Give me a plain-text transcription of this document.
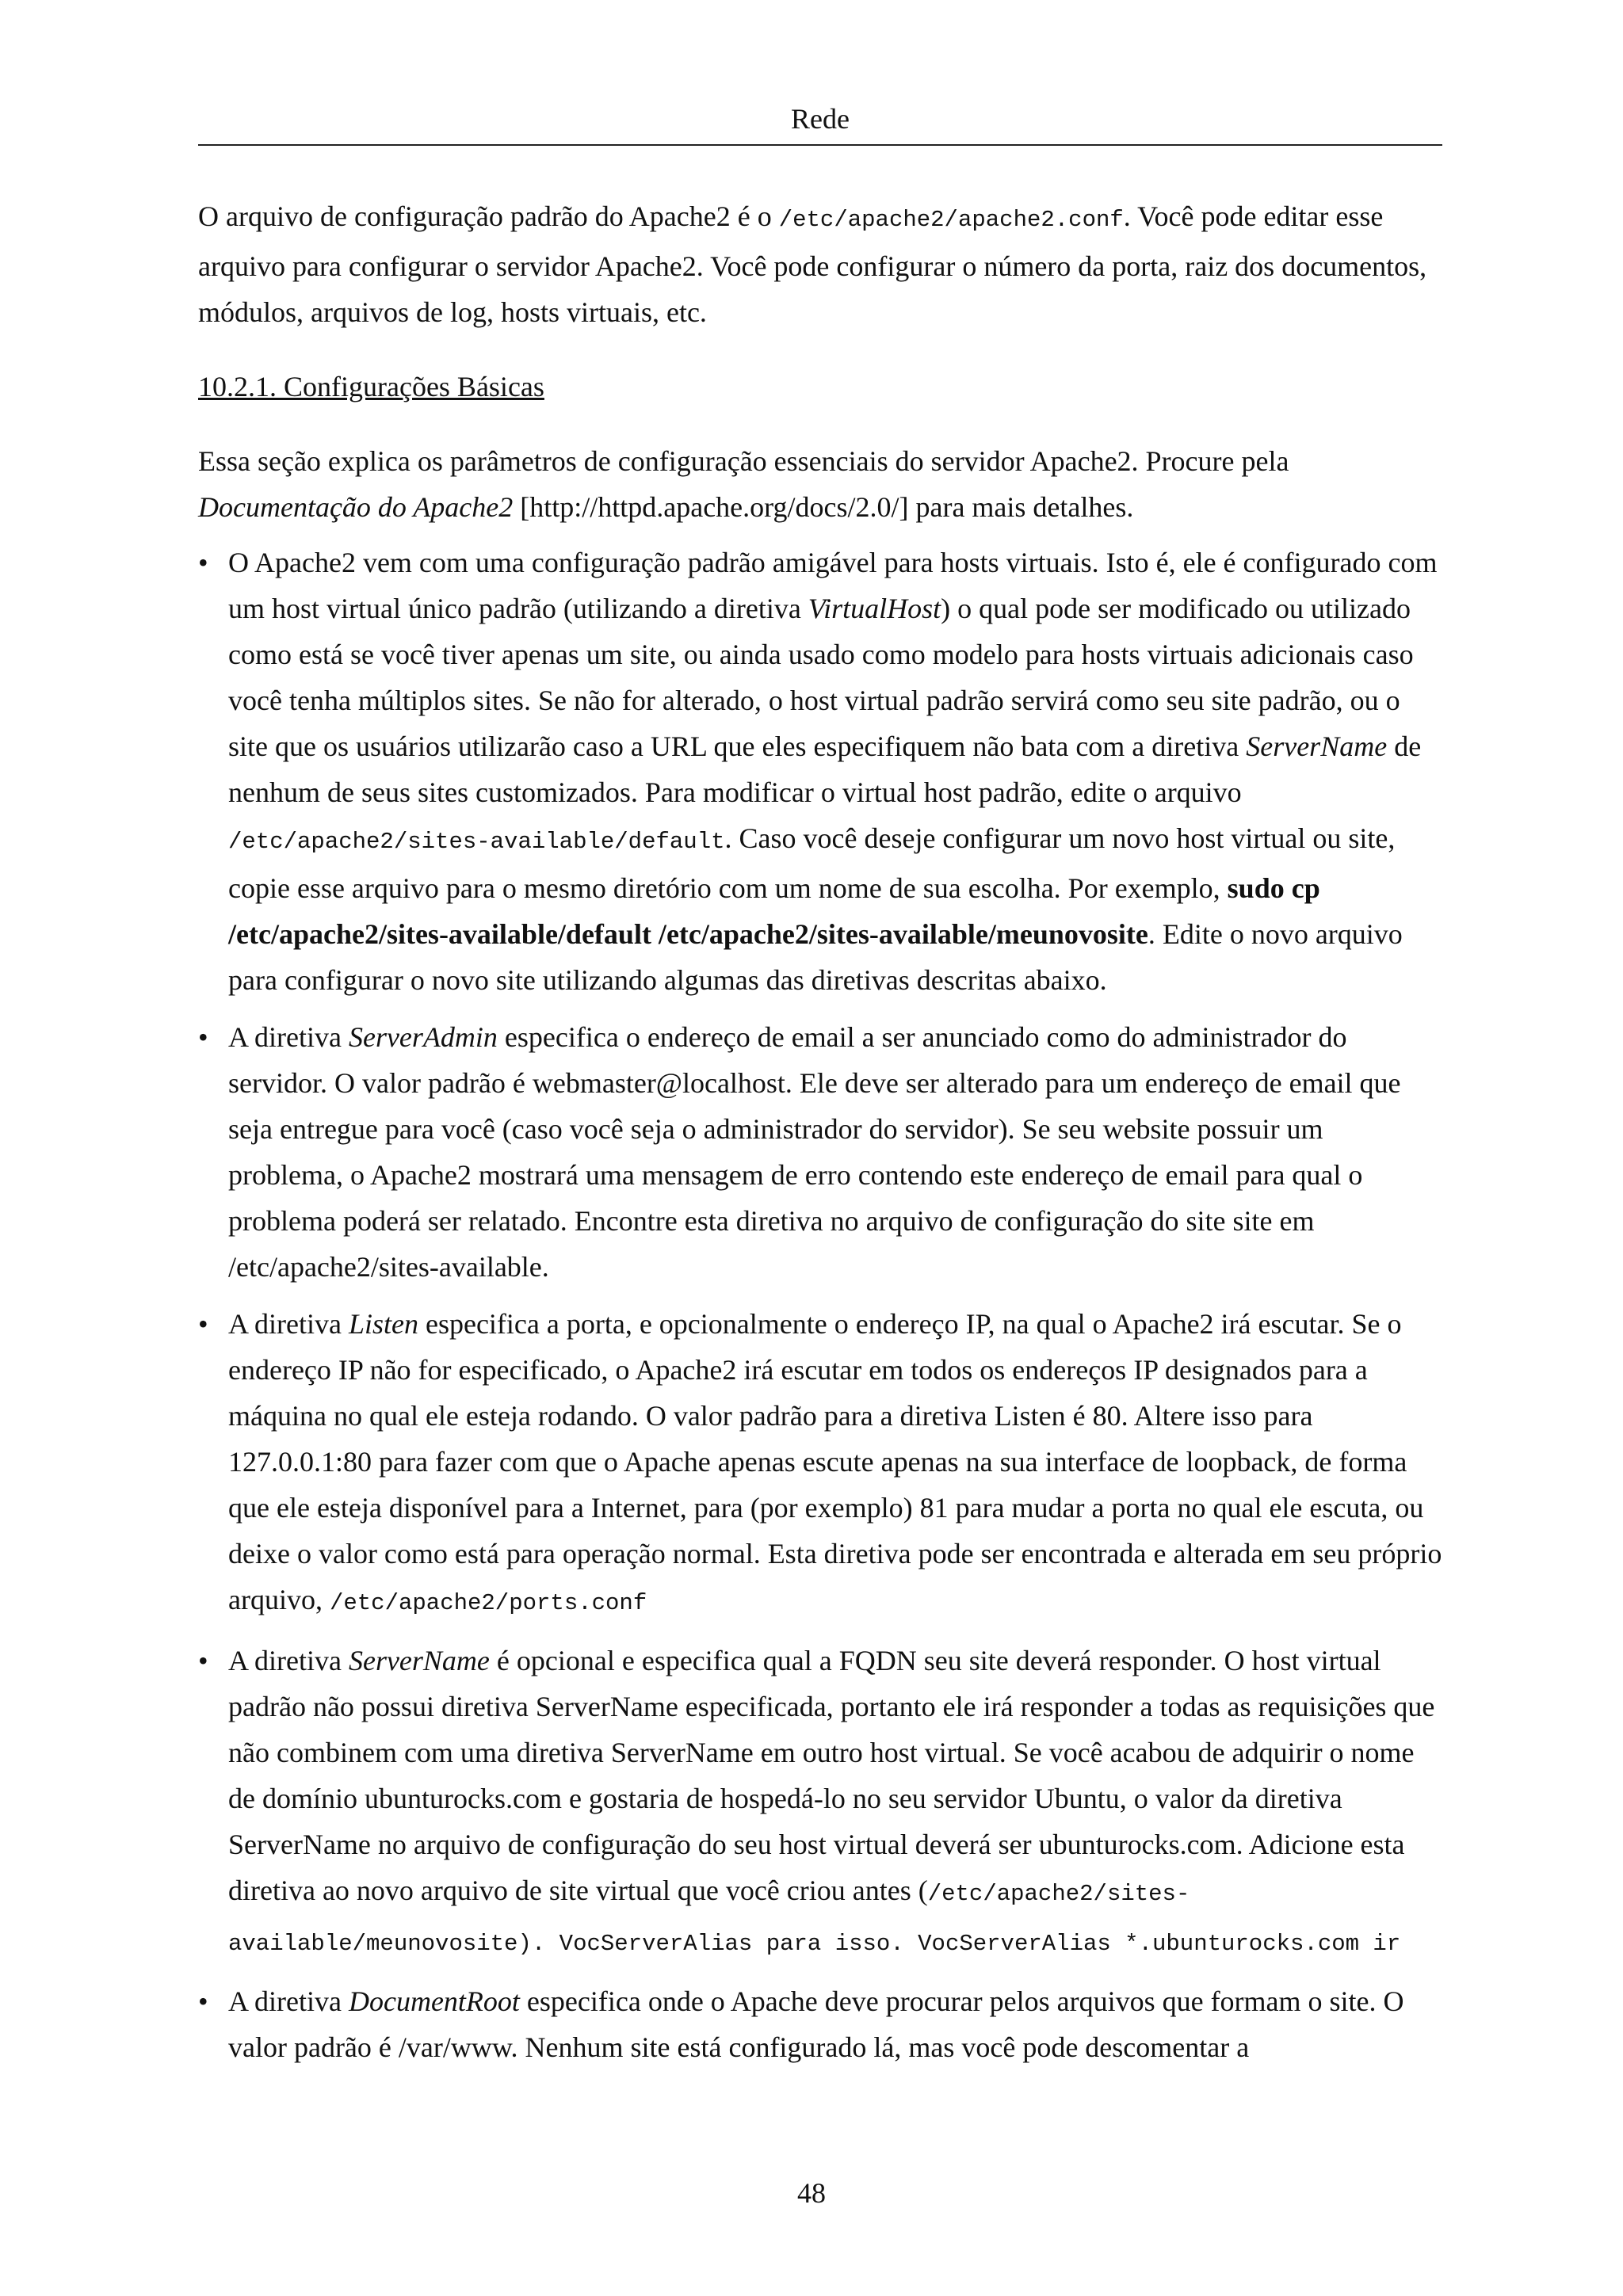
Rede

O arquivo de configuração padrão do Apache2 é o /etc/apache2/apache2.conf. Você pode editar esse arquivo para configurar o servidor Apache2. Você pode configurar o número da porta, raiz dos documentos, módulos, arquivos de log, hosts virtuais, etc.

10.2.1. Configurações Básicas

Essa seção explica os parâmetros de configuração essenciais do servidor Apache2. Procure pela Documentação do Apache2 [http://httpd.apache.org/docs/2.0/] para mais detalhes.

• O Apache2 vem com uma configuração padrão amigável para hosts virtuais. Isto é, ele é configurado com um host virtual único padrão (utilizando a diretiva VirtualHost) o qual pode ser modificado ou utilizado como está se você tiver apenas um site, ou ainda usado como modelo para hosts virtuais adicionais caso você tenha múltiplos sites. Se não for alterado, o host virtual padrão servirá como seu site padrão, ou o site que os usuários utilizarão caso a URL que eles especifiquem não bata com a diretiva ServerName de nenhum de seus sites customizados. Para modificar o virtual host padrão, edite o arquivo /etc/apache2/sites-available/default. Caso você deseje configurar um novo host virtual ou site, copie esse arquivo para o mesmo diretório com um nome de sua escolha. Por exemplo, sudo cp /etc/apache2/sites-available/default /etc/apache2/sites-available/meunovosite. Edite o novo arquivo para configurar o novo site utilizando algumas das diretivas descritas abaixo.
• A diretiva ServerAdmin especifica o endereço de email a ser anunciado como do administrador do servidor. O valor padrão é webmaster@localhost. Ele deve ser alterado para um endereço de email que seja entregue para você (caso você seja o administrador do servidor). Se seu website possuir um problema, o Apache2 mostrará uma mensagem de erro contendo este endereço de email para qual o problema poderá ser relatado. Encontre esta diretiva no arquivo de configuração do site site em /etc/apache2/sites-available.
• A diretiva Listen especifica a porta, e opcionalmente o endereço IP, na qual o Apache2 irá escutar. Se o endereço IP não for especificado, o Apache2 irá escutar em todos os endereços IP designados para a máquina no qual ele esteja rodando. O valor padrão para a diretiva Listen é 80. Altere isso para 127.0.0.1:80 para fazer com que o Apache apenas escute apenas na sua interface de loopback, de forma que ele esteja disponível para a Internet, para (por exemplo) 81 para mudar a porta no qual ele escuta, ou deixe o valor como está para operação normal. Esta diretiva pode ser encontrada e alterada em seu próprio arquivo, /etc/apache2/ports.conf
• A diretiva ServerName é opcional e especifica qual a FQDN seu site deverá responder. O host virtual padrão não possui diretiva ServerName especificada, portanto ele irá responder a todas as requisições que não combinem com uma diretiva ServerName em outro host virtual. Se você acabou de adquirir o nome de domínio ubunturocks.com e gostaria de hospedá-lo no seu servidor Ubuntu, o valor da diretiva ServerName no arquivo de configuração do seu host virtual deverá ser ubunturocks.com. Adicione esta diretiva ao novo arquivo de site virtual que você criou antes (/etc/apache2/sites-available/meunovosite). VocServerAlias para isso. VocServerAlias *.ubunturocks.com ir
• A diretiva DocumentRoot especifica onde o Apache deve procurar pelos arquivos que formam o site. O valor padrão é /var/www. Nenhum site está configurado lá, mas você pode descomentar a
48
